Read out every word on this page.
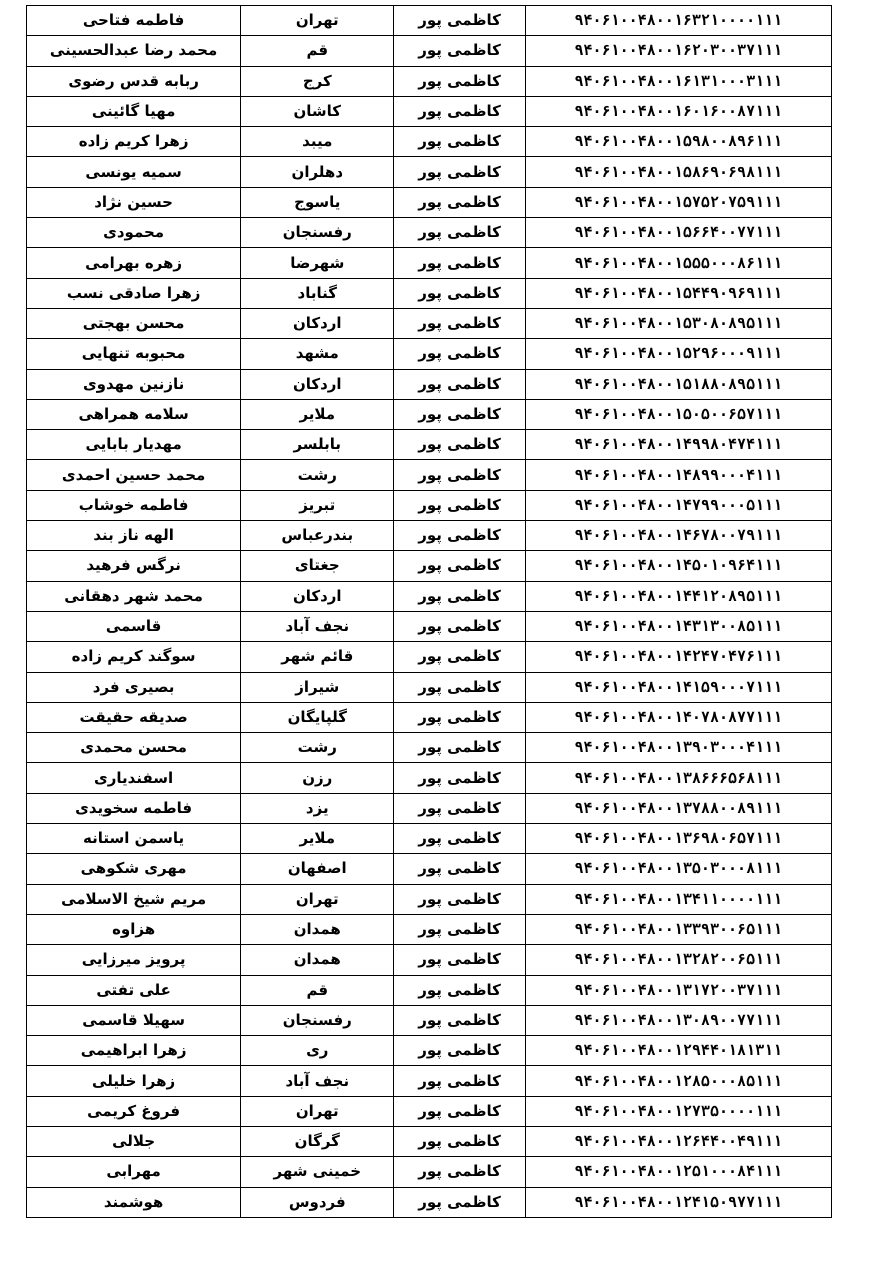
۹۴۰۶۱۰۰۴۸۰۰۱۶۳۲۱۰۰۰۰۱۱۱	کاظمی پور	تهران	فاطمه فتاحی
۹۴۰۶۱۰۰۴۸۰۰۱۶۲۰۳۰۰۳۷۱۱۱	کاظمی پور	قم	محمد رضا عبدالحسینی
۹۴۰۶۱۰۰۴۸۰۰۱۶۱۳۱۰۰۰۳۱۱۱	کاظمی پور	کرج	ربابه قدس رضوی
۹۴۰۶۱۰۰۴۸۰۰۱۶۰۱۶۰۰۸۷۱۱۱	کاظمی پور	کاشان	مهیا گائینی
۹۴۰۶۱۰۰۴۸۰۰۱۵۹۸۰۰۸۹۶۱۱۱	کاظمی پور	میبد	زهرا کریم زاده
۹۴۰۶۱۰۰۴۸۰۰۱۵۸۶۹۰۶۹۸۱۱۱	کاظمی پور	دهلران	سمیه یونسی
۹۴۰۶۱۰۰۴۸۰۰۱۵۷۵۲۰۷۵۹۱۱۱	کاظمی پور	یاسوج	حسین نژاد
۹۴۰۶۱۰۰۴۸۰۰۱۵۶۶۴۰۰۷۷۱۱۱	کاظمی پور	رفسنجان	محمودی
۹۴۰۶۱۰۰۴۸۰۰۱۵۵۵۰۰۰۸۶۱۱۱	کاظمی پور	شهرضا	زهره بهرامی
۹۴۰۶۱۰۰۴۸۰۰۱۵۴۴۹۰۹۶۹۱۱۱	کاظمی پور	گناباد	زهرا صادقی نسب
۹۴۰۶۱۰۰۴۸۰۰۱۵۳۰۸۰۸۹۵۱۱۱	کاظمی پور	اردکان	محسن بهجتی
۹۴۰۶۱۰۰۴۸۰۰۱۵۲۹۶۰۰۰۹۱۱۱	کاظمی پور	مشهد	محبوبه تنهایی
۹۴۰۶۱۰۰۴۸۰۰۱۵۱۸۸۰۸۹۵۱۱۱	کاظمی پور	اردکان	نازنین مهدوی
۹۴۰۶۱۰۰۴۸۰۰۱۵۰۵۰۰۶۵۷۱۱۱	کاظمی پور	ملایر	سلامه همراهی
۹۴۰۶۱۰۰۴۸۰۰۱۴۹۹۸۰۴۷۴۱۱۱	کاظمی پور	بابلسر	مهدیار بابایی
۹۴۰۶۱۰۰۴۸۰۰۱۴۸۹۹۰۰۰۴۱۱۱	کاظمی پور	رشت	محمد حسین احمدی
۹۴۰۶۱۰۰۴۸۰۰۱۴۷۹۹۰۰۰۵۱۱۱	کاظمی پور	تبریز	فاطمه خوشاب
۹۴۰۶۱۰۰۴۸۰۰۱۴۶۷۸۰۰۷۹۱۱۱	کاظمی پور	بندرعباس	الهه ناز بند
۹۴۰۶۱۰۰۴۸۰۰۱۴۵۰۱۰۹۶۴۱۱۱	کاظمی پور	جغتای	نرگس فرهید
۹۴۰۶۱۰۰۴۸۰۰۱۴۴۱۲۰۸۹۵۱۱۱	کاظمی پور	اردکان	محمد شهر دهقانی
۹۴۰۶۱۰۰۴۸۰۰۱۴۳۱۳۰۰۸۵۱۱۱	کاظمی پور	نجف آباد	قاسمی
۹۴۰۶۱۰۰۴۸۰۰۱۴۲۴۷۰۴۷۶۱۱۱	کاظمی پور	قائم شهر	سوگند کریم زاده
۹۴۰۶۱۰۰۴۸۰۰۱۴۱۵۹۰۰۰۷۱۱۱	کاظمی پور	شیراز	بصیری فرد
۹۴۰۶۱۰۰۴۸۰۰۱۴۰۷۸۰۸۷۷۱۱۱	کاظمی پور	گلپایگان	صدیقه حقیقت
۹۴۰۶۱۰۰۴۸۰۰۱۳۹۰۳۰۰۰۴۱۱۱	کاظمی پور	رشت	محسن محمدی
۹۴۰۶۱۰۰۴۸۰۰۱۳۸۶۶۶۵۶۸۱۱۱	کاظمی پور	رزن	اسفندیاری
۹۴۰۶۱۰۰۴۸۰۰۱۳۷۸۸۰۰۸۹۱۱۱	کاظمی پور	یزد	فاطمه سخویدی
۹۴۰۶۱۰۰۴۸۰۰۱۳۶۹۸۰۶۵۷۱۱۱	کاظمی پور	ملایر	یاسمن استانه
۹۴۰۶۱۰۰۴۸۰۰۱۳۵۰۳۰۰۰۸۱۱۱	کاظمی پور	اصفهان	مهری شکوهی
۹۴۰۶۱۰۰۴۸۰۰۱۳۴۱۱۰۰۰۰۱۱۱	کاظمی پور	تهران	مریم شیخ الاسلامی
۹۴۰۶۱۰۰۴۸۰۰۱۳۳۹۳۰۰۶۵۱۱۱	کاظمی پور	همدان	هزاوه
۹۴۰۶۱۰۰۴۸۰۰۱۳۲۸۲۰۰۶۵۱۱۱	کاظمی پور	همدان	پرویز میرزایی
۹۴۰۶۱۰۰۴۸۰۰۱۳۱۷۲۰۰۳۷۱۱۱	کاظمی پور	قم	علی تفتی
۹۴۰۶۱۰۰۴۸۰۰۱۳۰۸۹۰۰۷۷۱۱۱	کاظمی پور	رفسنجان	سهیلا قاسمی
۹۴۰۶۱۰۰۴۸۰۰۱۲۹۴۴۰۱۸۱۳۱۱	کاظمی پور	ری	زهرا ابراهیمی
۹۴۰۶۱۰۰۴۸۰۰۱۲۸۵۰۰۰۸۵۱۱۱	کاظمی پور	نجف آباد	زهرا خلیلی
۹۴۰۶۱۰۰۴۸۰۰۱۲۷۳۵۰۰۰۰۱۱۱	کاظمی پور	تهران	فروغ کریمی
۹۴۰۶۱۰۰۴۸۰۰۱۲۶۴۴۰۰۴۹۱۱۱	کاظمی پور	گرگان	جلالی
۹۴۰۶۱۰۰۴۸۰۰۱۲۵۱۰۰۰۸۴۱۱۱	کاظمی پور	خمینی شهر	مهرابی
۹۴۰۶۱۰۰۴۸۰۰۱۲۴۱۵۰۹۷۷۱۱۱	کاظمی پور	فردوس	هوشمند
